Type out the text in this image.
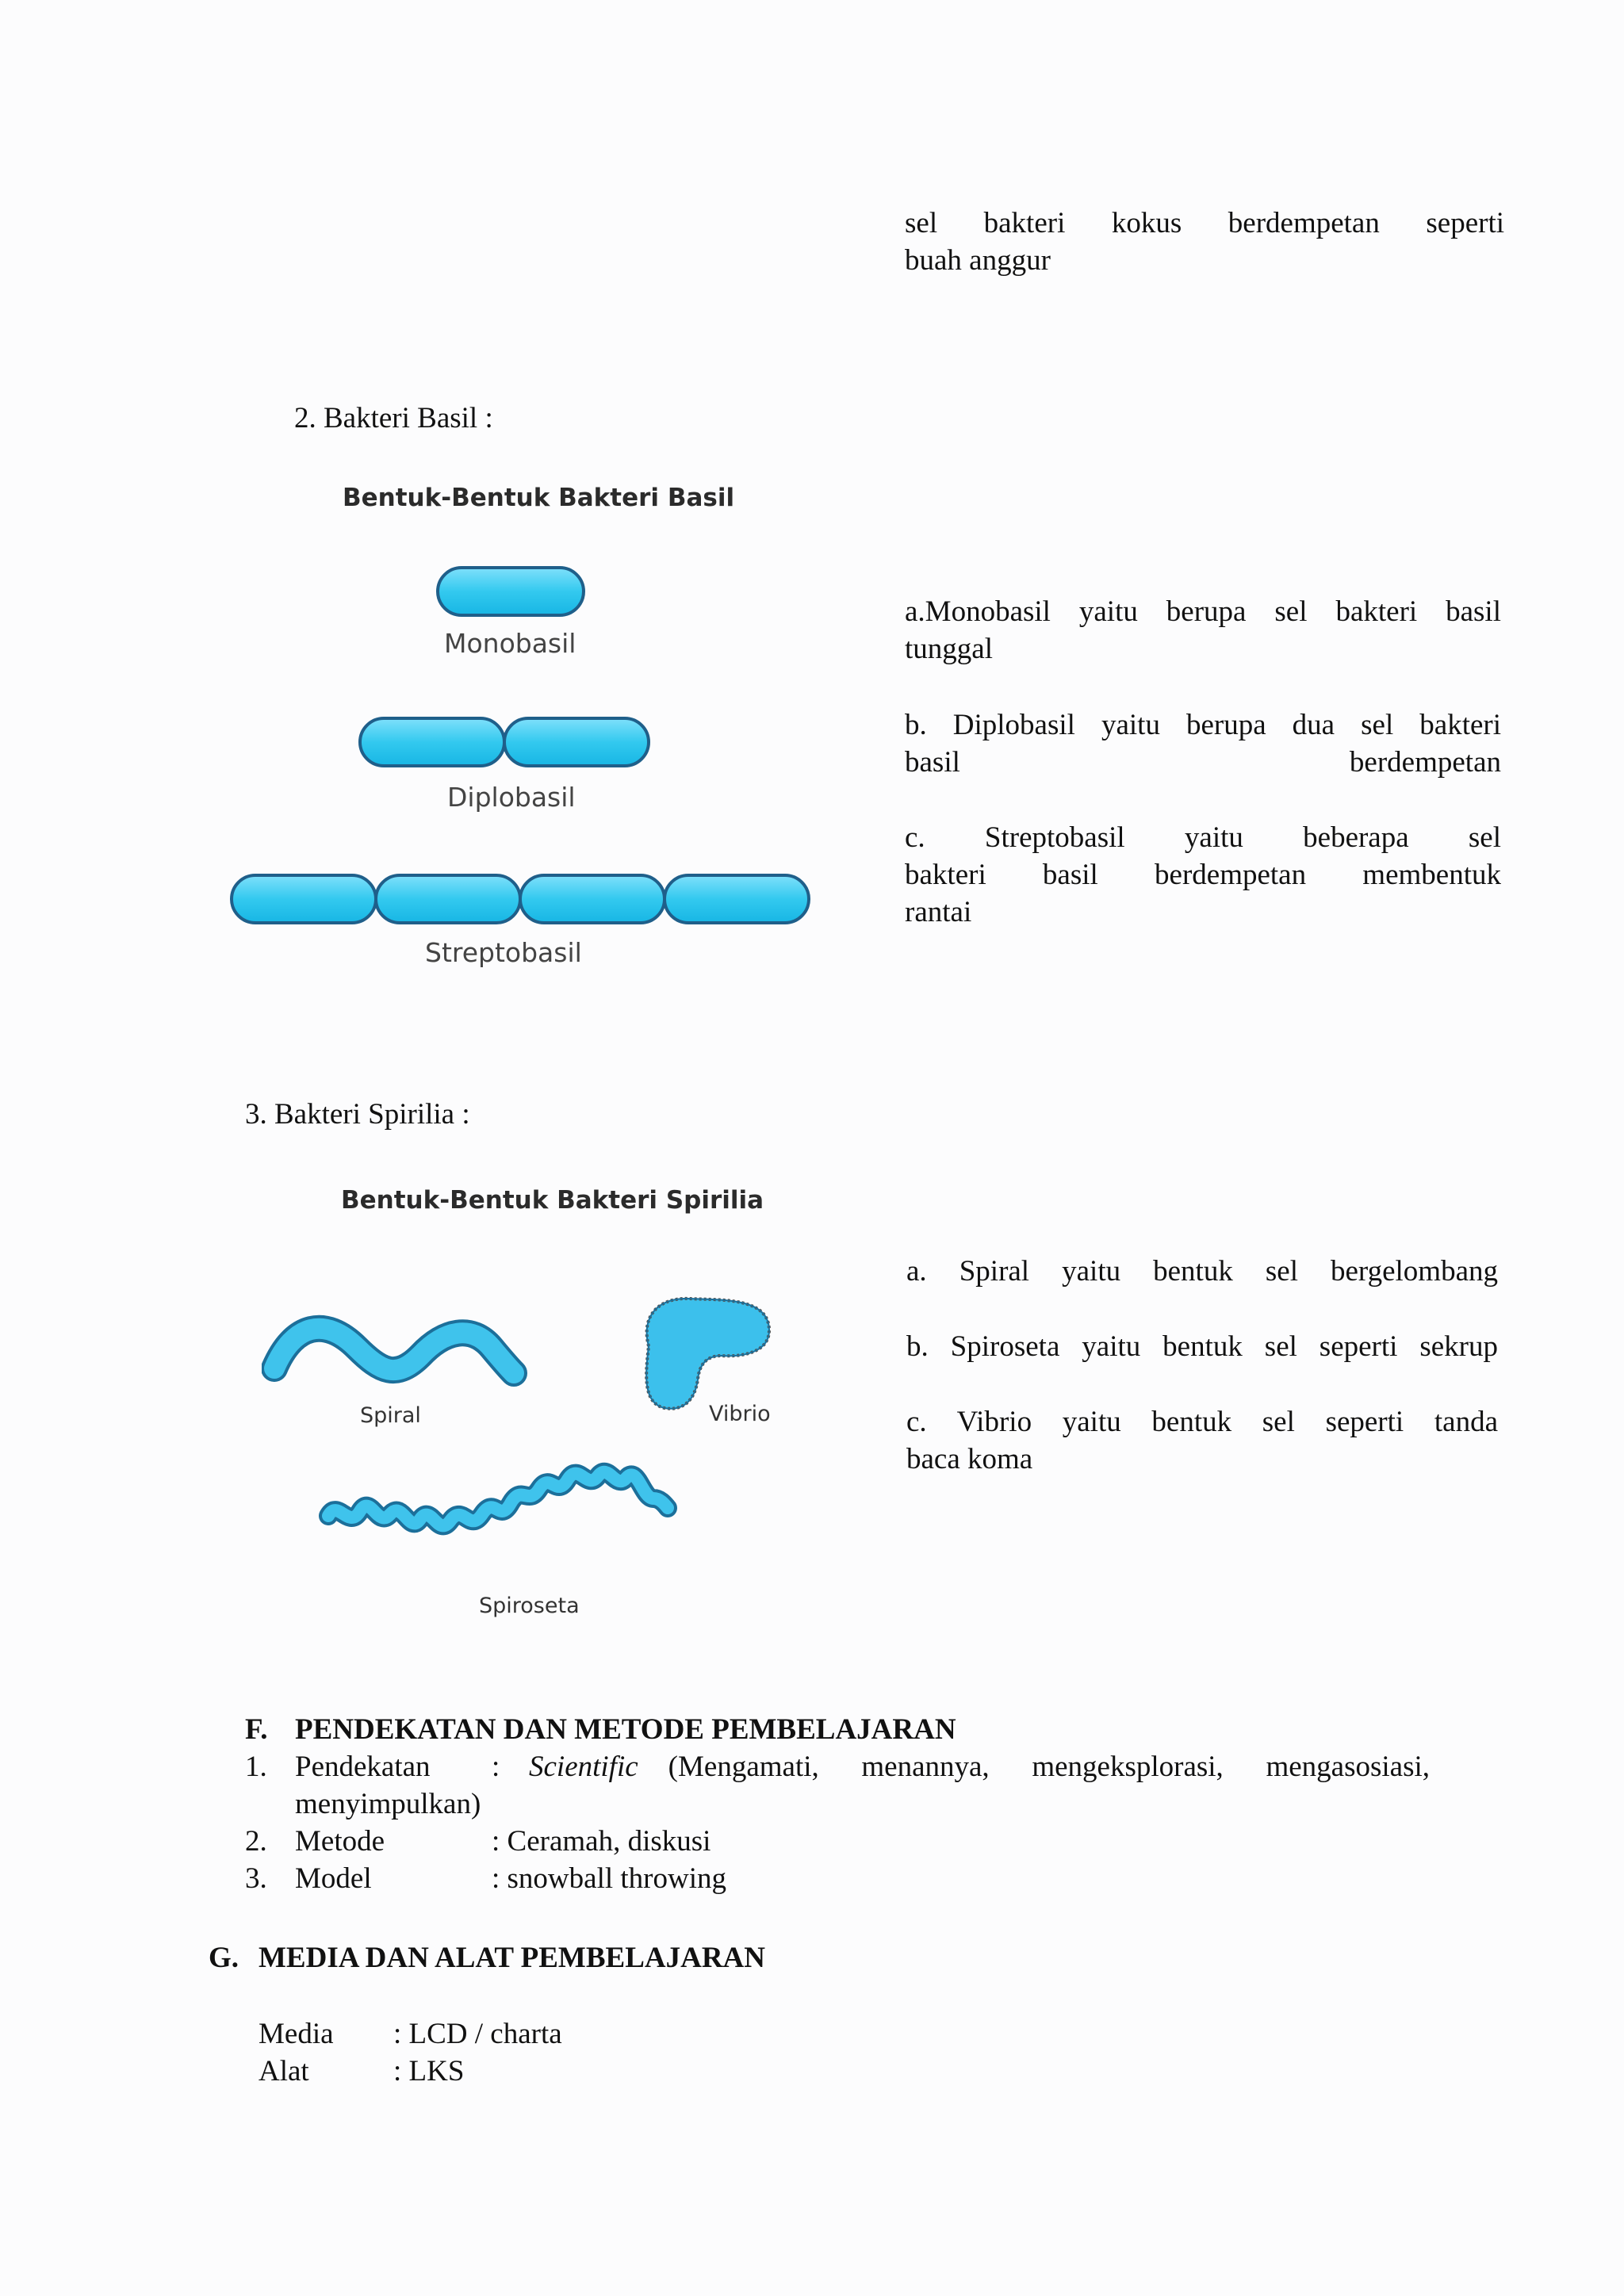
sel bakteri kokus berdempetan seperti
buah anggur
2. Bakteri Basil :
Bentuk-Bentuk Bakteri Basil
Monobasil
Diplobasil
Streptobasil
a.Monobasil yaitu berupa sel bakteri basil
tunggal
b. Diplobasil yaitu berupa dua sel bakteri
basil berdempetan
c. Streptobasil yaitu beberapa sel
bakteri basil berdempetan membentuk
rantai
3. Bakteri Spirilia :
Bentuk-Bentuk Bakteri Spirilia
Spiral	Vibrio
Spiroseta
a. Spiral yaitu bentuk sel bergelombang
b. Spiroseta yaitu bentuk sel seperti sekrup
c. Vibrio yaitu bentuk sel seperti tanda
baca koma
F. PENDEKATAN DAN METODE PEMBELAJARAN
1. Pendekatan : Scientific (Mengamati, menannya, mengeksplorasi, mengasosiasi,
menyimpulkan)
2. Metode	: Ceramah, diskusi
3. Model	: snowball throwing
G. MEDIA DAN ALAT PEMBELAJARAN
Media : LCD / charta
Alat	: LKS
